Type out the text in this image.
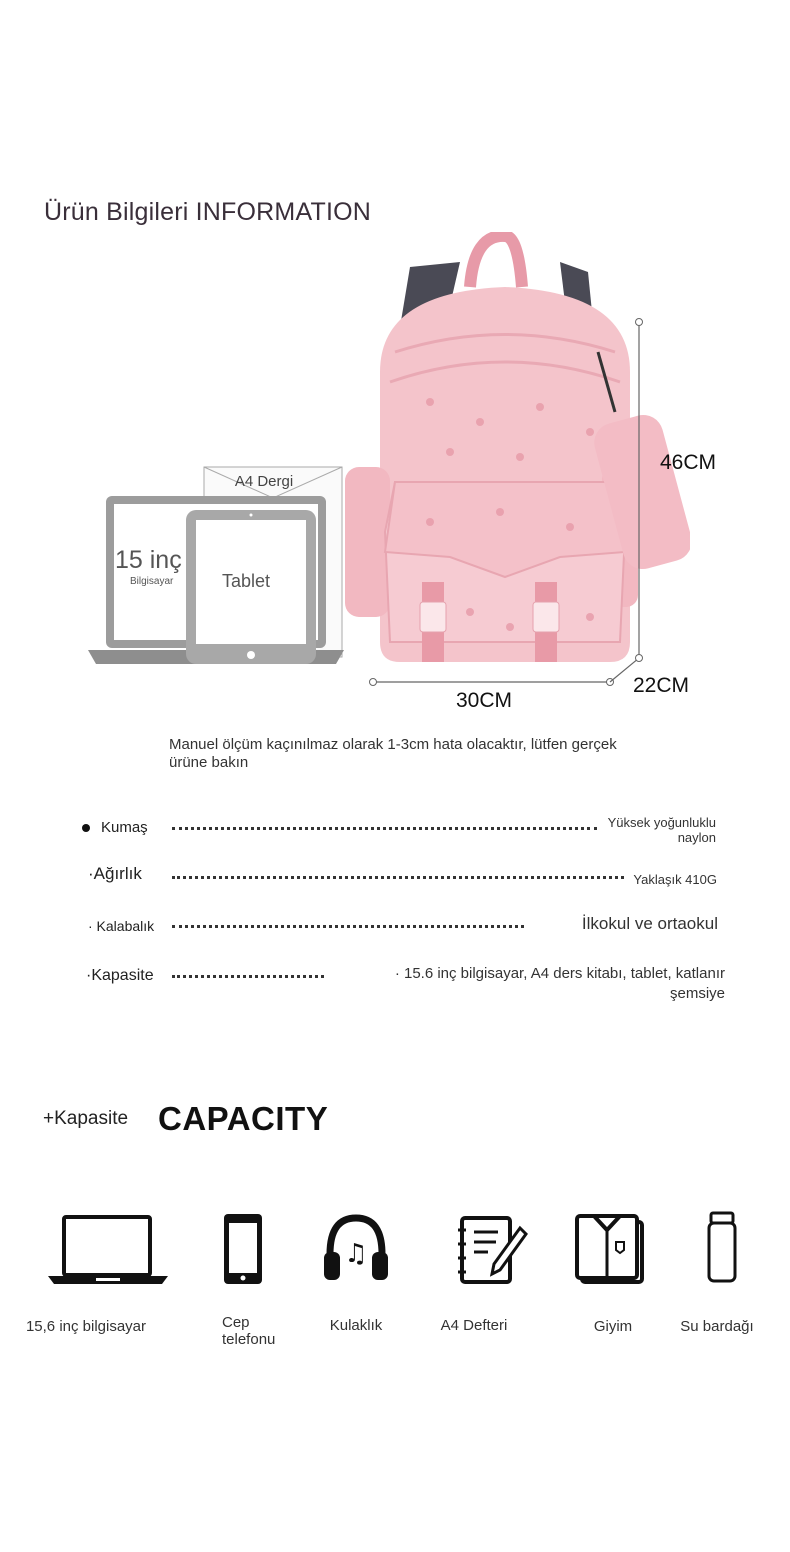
Ürün Bilgileri INFORMATION
A4 Dergi
15 inç
Bilgisayar	Tablet
46CM
30CM
22CM
Manuel ölçüm kaçınılmaz olarak 1-3cm hata olacaktır, lütfen gerçek ürüne bakın
Kumaş	Yüksek yoğunluklu naylon
·Ağırlık	Yaklaşık 410G
· Kalabalık	İlkokul ve ortaokul
·Kapasite	· 15.6 inç bilgisayar, A4 ders kitabı, tablet, katlanır şemsiye
+Kapasite CAPACITY
♫
15,6 inç bilgisayar	Cep telefonu
Kulaklık	A4 Defteri	Giyim	Su bardağı
